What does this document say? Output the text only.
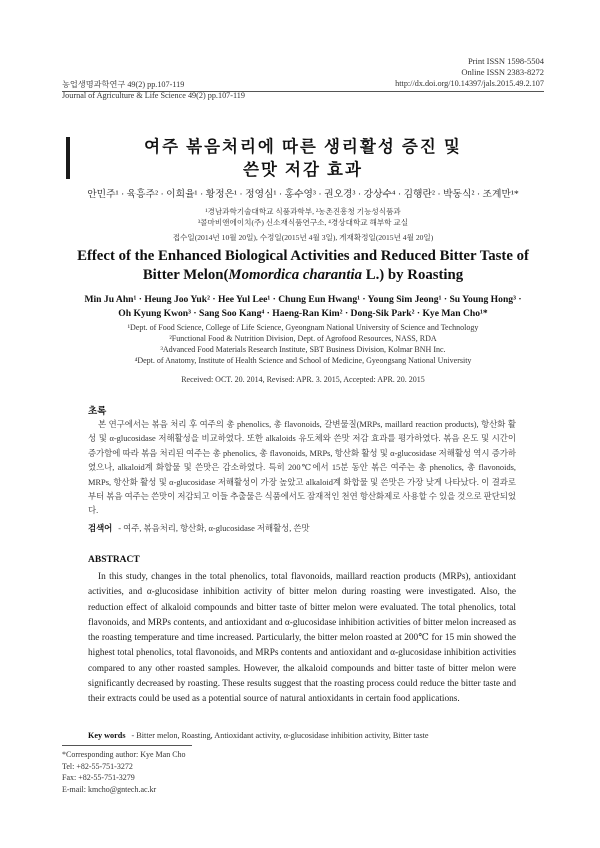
Print ISSN 1598-5504
Online ISSN 2383-8272
농업생명과학연구 49(2) pp.107-119
Journal of Agriculture & Life Science 49(2) pp.107-119
http://dx.doi.org/10.14397/jals.2015.49.2.107
여주 볶음처리에 따른 생리활성 증진 및
쓴맛 저감 효과
안민주¹ · 육흥주² · 이희율¹ · 황정은¹ · 정영심¹ · 홍수영³ · 권오경³ · 강상수⁴ · 김행란² · 박동식² · 조계만¹*
¹경남과학기술대학교 식품과학부, ²농촌진흥청 기능성식품과
³콜마비앤에이치(주) 신소재식품연구소, ⁴경상대학교 해부학 교실
접수일(2014년 10월 20일), 수정일(2015년 4월 3일), 게재확정일(2015년 4월 20일)
Effect of the Enhanced Biological Activities and Reduced Bitter Taste of
Bitter Melon(Momordica charantia L.) by Roasting
Min Ju Ahn¹ · Heung Joo Yuk² · Hee Yul Lee¹ · Chung Eun Hwang¹ · Young Sim Jeong¹ · Su Young Hong³ ·
Oh Kyung Kwon³ · Sang Soo Kang⁴ · Haeng-Ran Kim² · Dong-Sik Park² · Kye Man Cho¹*
¹Dept. of Food Science, College of Life Science, Gyeongnam National University of Science and Technology
²Functional Food & Nutrition Division, Dept. of Agrofood Resources, NASS, RDA
³Advanced Food Materials Research Institute, SBT Business Division, Kolmar BNH Inc.
⁴Dept. of Anatomy, Institute of Health Science and School of Medicine, Gyeongsang National University
Received: OCT. 20. 2014, Revised: APR. 3. 2015, Accepted: APR. 20. 2015
초록

본 연구에서는 볶음 처리 후 여주의 총 phenolics, 총 flavonoids, 갈변물질(MRPs, maillard reaction products), 항산화 활성 및 α-glucosidase 저해활성을 비교하였다. 또한 alkaloids 유도체와 쓴맛 저감 효과를 평가하였다. 볶음 온도 및 시간이 증가함에 따라 볶음 처리된 여주는 총 phenolics, 총 flavonoids, MRPs, 항산화 활성 및 α-glucosidase 저해활성 역시 증가하였으나, alkaloid계 화합물 및 쓴맛은 감소하였다. 특히 200℃에서 15분 동안 볶은 여주는 총 phenolics, 총 flavonoids, MRPs, 항산화 활성 및 α-glucosidase 저해활성이 가장 높았고 alkaloid계 화합물 및 쓴맛은 가장 낮게 나타났다. 이 결과로부터 볶음 여주는 쓴맛이 저감되고 이들 추출물은 식품에서도 잠재적인 천연 항산화제로 사용할 수 있을 것으로 판단되었다.

검색어 - 여주, 볶음처리, 항산화, α-glucosidase 저해활성, 쓴맛
ABSTRACT

In this study, changes in the total phenolics, total flavonoids, maillard reaction products (MRPs), antioxidant activities, and α-glucosidase inhibition activity of bitter melon during roasting were investigated. Also, the reduction effect of alkaloid compounds and bitter taste of bitter melon were evaluated. The total phenolics, total flavonoids, and MRPs contents, and antioxidant and α-glucosidase inhibition activities of bitter melon increased as the roasting temperature and time increased. Particularly, the bitter melon roasted at 200℃ for 15 min showed the highest total phenolics, total flavonoids, and MRPs contents and antioxidant and α-glucosidase inhibition activities compared to any other roasted samples. However, the alkaloid compounds and bitter taste of bitter melon were significantly decreased by roasting. These results suggest that the roasting process could reduce the bitter taste and their extracts could be used as a potential source of natural antioxidants in certain food applications.

Key words - Bitter melon, Roasting, Antioxidant activity, α-glucosidase inhibition activity, Bitter taste
*Corresponding author: Kye Man Cho
Tel: +82-55-751-3272
Fax: +82-55-751-3279
E-mail: kmcho@gntech.ac.kr
